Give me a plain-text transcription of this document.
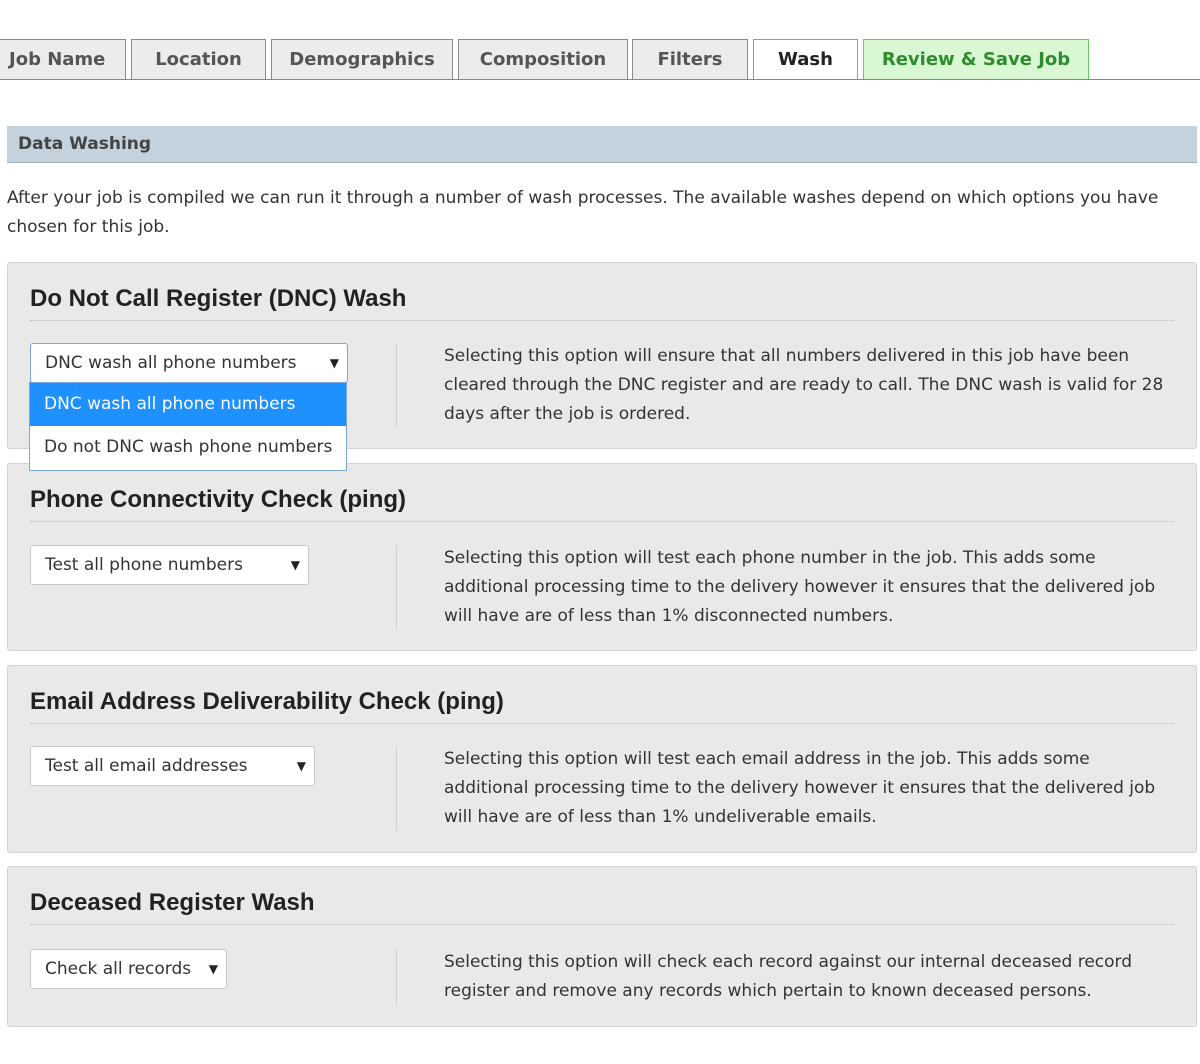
Job Name	Location	Demographics	Composition	Filters	Wash	Review & Save Job
Data Washing
After your job is compiled we can run it through a number of wash processes. The available washes depend on which options you have chosen for this job.
Do Not Call Register (DNC) Wash
DNC wash all phone numbers	▼	Selecting this option will ensure that all numbers delivered in this job have been cleared through the DNC register and are ready to call. The DNC wash is valid for 28 days after the job is ordered.
Phone Connectivity Check (ping)
Test all phone numbers	▼	Selecting this option will test each phone number in the job. This adds some additional processing time to the delivery however it ensures that the delivered job will have are of less than 1% disconnected numbers.
Email Address Deliverability Check (ping)
Test all email addresses	▼	Selecting this option will test each email address in the job. This adds some additional processing time to the delivery however it ensures that the delivered job will have are of less than 1% undeliverable emails.
Deceased Register Wash
Check all records ▼	Selecting this option will check each record against our internal deceased record register and remove any records which pertain to known deceased persons.
DNC wash all phone numbers
Do not DNC wash phone numbers
